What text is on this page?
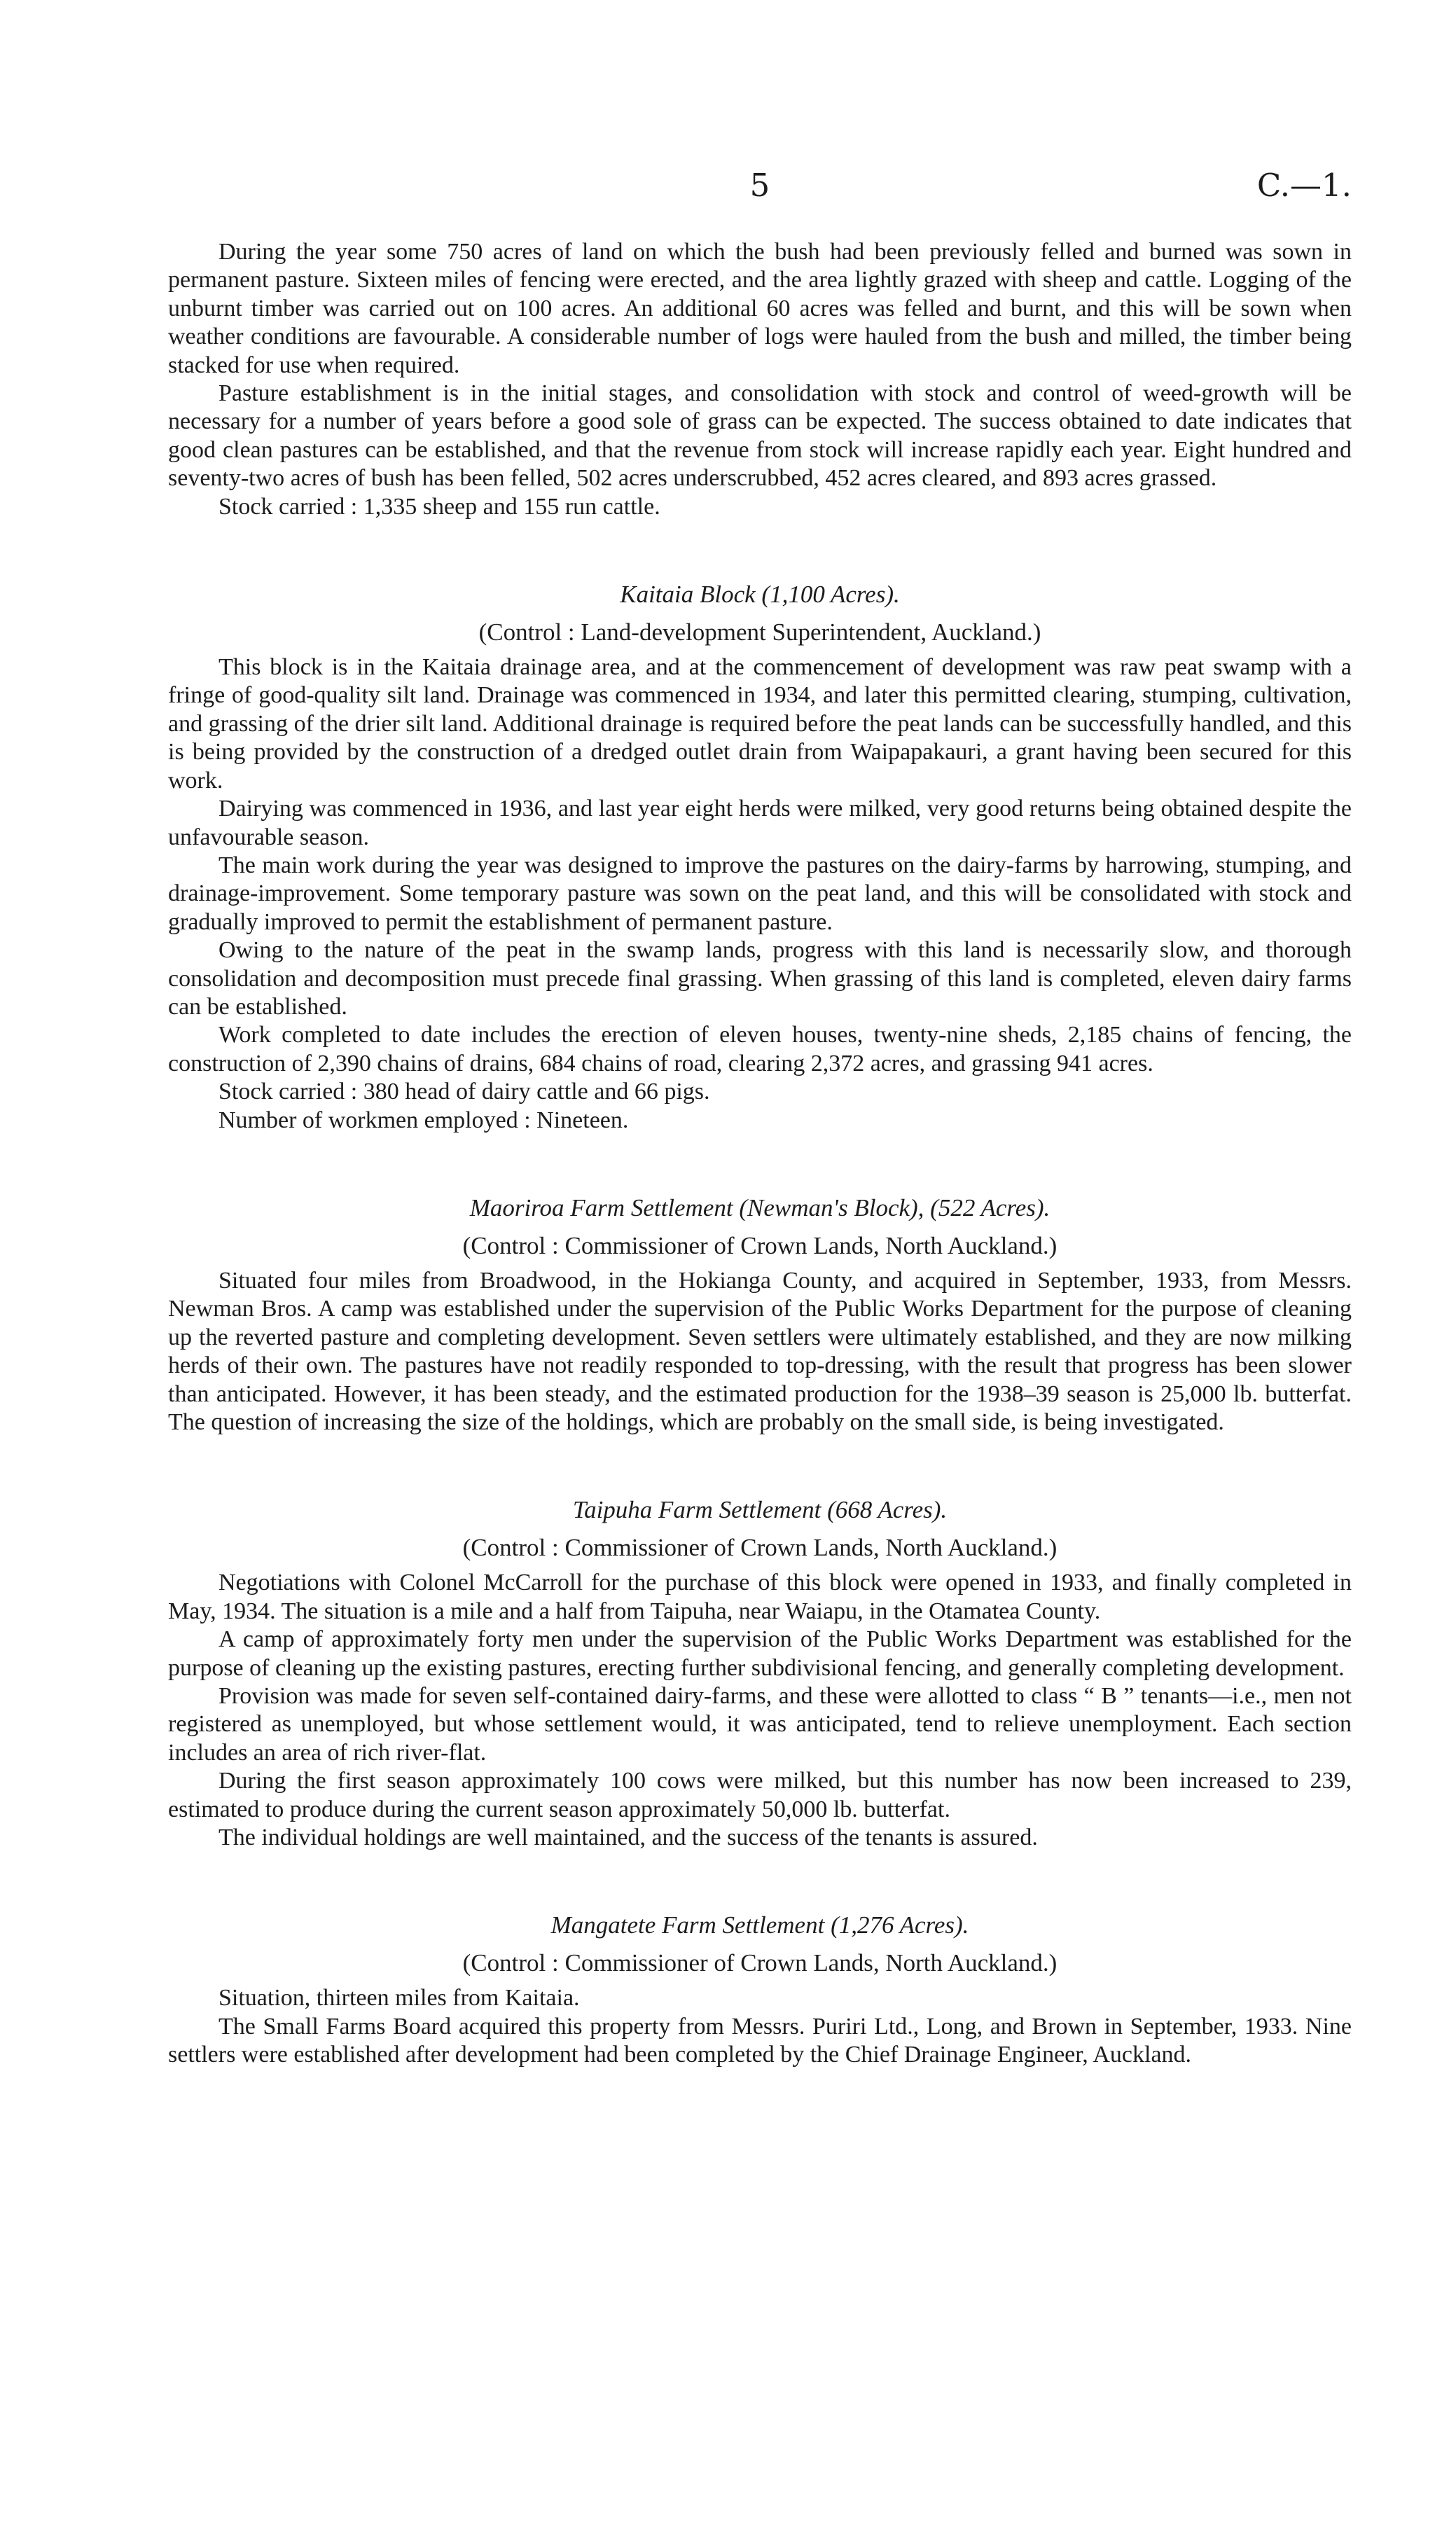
5	C.—1.

During the year some 750 acres of land on which the bush had been previously felled and burned was sown in permanent pasture. Sixteen miles of fencing were erected, and the area lightly grazed with sheep and cattle. Logging of the unburnt timber was carried out on 100 acres. An additional 60 acres was felled and burnt, and this will be sown when weather conditions are favourable. A considerable number of logs were hauled from the bush and milled, the timber being stacked for use when required.

Pasture establishment is in the initial stages, and consolidation with stock and control of weed-growth will be necessary for a number of years before a good sole of grass can be expected. The success obtained to date indicates that good clean pastures can be established, and that the revenue from stock will increase rapidly each year. Eight hundred and seventy-two acres of bush has been felled, 502 acres underscrubbed, 452 acres cleared, and 893 acres grassed.

Stock carried : 1,335 sheep and 155 run cattle.

Kaitaia Block (1,100 Acres).
(Control : Land-development Superintendent, Auckland.)

This block is in the Kaitaia drainage area, and at the commencement of development was raw peat swamp with a fringe of good-quality silt land. Drainage was commenced in 1934, and later this permitted clearing, stumping, cultivation, and grassing of the drier silt land. Additional drainage is required before the peat lands can be successfully handled, and this is being provided by the construction of a dredged outlet drain from Waipapakauri, a grant having been secured for this work.

Dairying was commenced in 1936, and last year eight herds were milked, very good returns being obtained despite the unfavourable season.

The main work during the year was designed to improve the pastures on the dairy-farms by harrowing, stumping, and drainage-improvement. Some temporary pasture was sown on the peat land, and this will be consolidated with stock and gradually improved to permit the establishment of permanent pasture.

Owing to the nature of the peat in the swamp lands, progress with this land is necessarily slow, and thorough consolidation and decomposition must precede final grassing. When grassing of this land is completed, eleven dairy farms can be established.

Work completed to date includes the erection of eleven houses, twenty-nine sheds, 2,185 chains of fencing, the construction of 2,390 chains of drains, 684 chains of road, clearing 2,372 acres, and grassing 941 acres.

Stock carried : 380 head of dairy cattle and 66 pigs.

Number of workmen employed : Nineteen.

Maoriroa Farm Settlement (Newman's Block), (522 Acres).
(Control : Commissioner of Crown Lands, North Auckland.)

Situated four miles from Broadwood, in the Hokianga County, and acquired in September, 1933, from Messrs. Newman Bros. A camp was established under the supervision of the Public Works Department for the purpose of cleaning up the reverted pasture and completing development. Seven settlers were ultimately established, and they are now milking herds of their own. The pastures have not readily responded to top-dressing, with the result that progress has been slower than anticipated. However, it has been steady, and the estimated production for the 1938–39 season is 25,000 lb. butterfat. The question of increasing the size of the holdings, which are probably on the small side, is being investigated.

Taipuha Farm Settlement (668 Acres).
(Control : Commissioner of Crown Lands, North Auckland.)

Negotiations with Colonel McCarroll for the purchase of this block were opened in 1933, and finally completed in May, 1934. The situation is a mile and a half from Taipuha, near Waiapu, in the Otamatea County.

A camp of approximately forty men under the supervision of the Public Works Department was established for the purpose of cleaning up the existing pastures, erecting further subdivisional fencing, and generally completing development.

Provision was made for seven self-contained dairy-farms, and these were allotted to class “ B ” tenants—i.e., men not registered as unemployed, but whose settlement would, it was anticipated, tend to relieve unemployment. Each section includes an area of rich river-flat.

During the first season approximately 100 cows were milked, but this number has now been increased to 239, estimated to produce during the current season approximately 50,000 lb. butterfat.

The individual holdings are well maintained, and the success of the tenants is assured.

Mangatete Farm Settlement (1,276 Acres).
(Control : Commissioner of Crown Lands, North Auckland.)

Situation, thirteen miles from Kaitaia.

The Small Farms Board acquired this property from Messrs. Puriri Ltd., Long, and Brown in September, 1933. Nine settlers were established after development had been completed by the Chief Drainage Engineer, Auckland.
